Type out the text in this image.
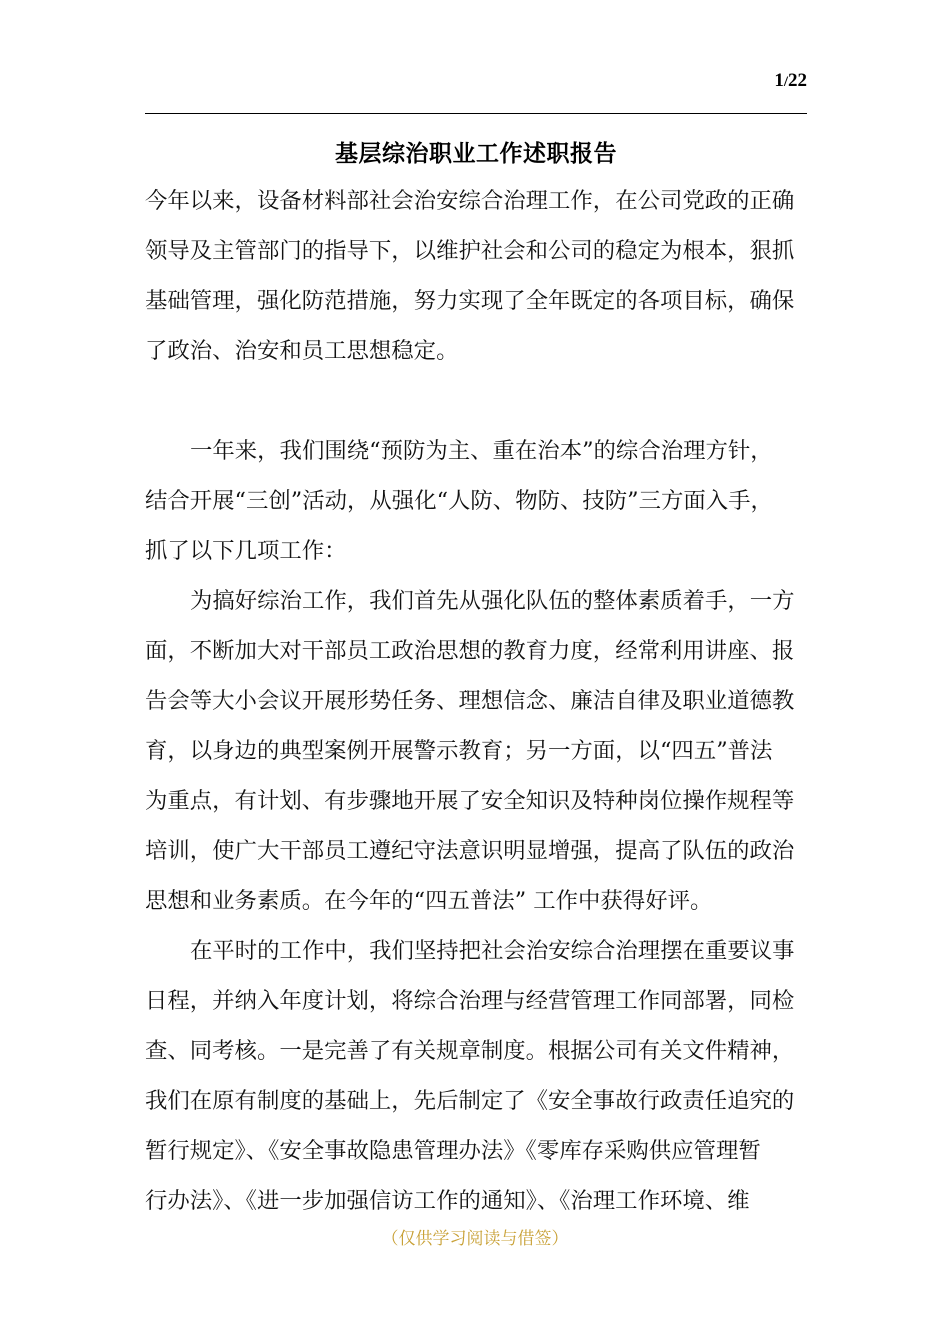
1/22
基层综治职业工作述职报告
今年以来，设备材料部社会治安综合治理工作，在公司党政的正确
领导及主管部门的指导下，以维护社会和公司的稳定为根本，狠抓
基础管理，强化防范措施，努力实现了全年既定的各项目标，确保
了政治、治安和员工思想稳定。
一年来，我们围绕“预防为主、重在治本”的综合治理方针，
结合开展“三创”活动，从强化“人防、物防、技防”三方面入手，
抓了以下几项工作：
为搞好综治工作，我们首先从强化队伍的整体素质着手，一方
面，不断加大对干部员工政治思想的教育力度，经常利用讲座、报
告会等大小会议开展形势任务、理想信念、廉洁自律及职业道德教
育，以身边的典型案例开展警示教育；另一方面，以“四五”普法
为重点，有计划、有步骤地开展了安全知识及特种岗位操作规程等
培训，使广大干部员工遵纪守法意识明显增强，提高了队伍的政治
思想和业务素质。在今年的“四五普法” 工作中获得好评。
在平时的工作中，我们坚持把社会治安综合治理摆在重要议事
日程，并纳入年度计划，将综合治理与经营管理工作同部署，同检
查、同考核。一是完善了有关规章制度。根据公司有关文件精神，
我们在原有制度的基础上，先后制定了《安全事故行政责任追究的
暂行规定》、《安全事故隐患管理办法》《零库存采购供应管理暂
行办法》、《进一步加强信访工作的通知》、《治理工作环境、维
（仅供学习阅读与借签）
